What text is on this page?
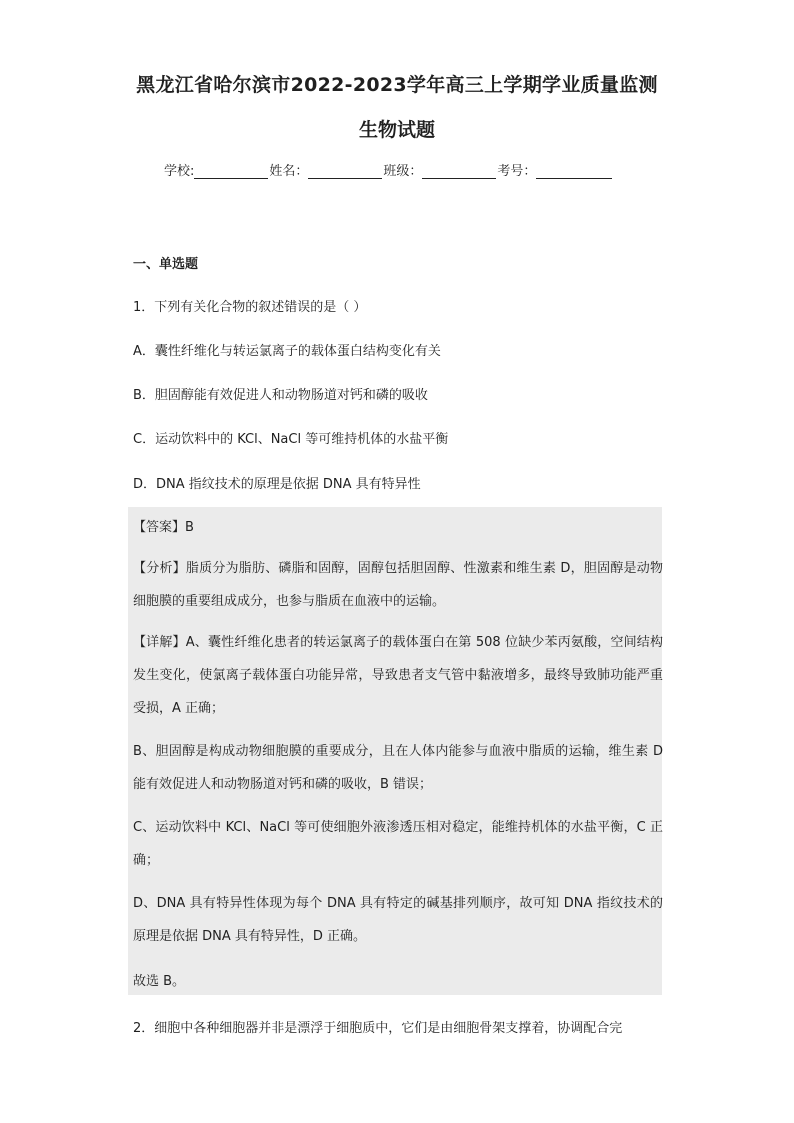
黑龙江省哈尔滨市2022-2023学年高三上学期学业质量监测
生物试题
学校:	姓名：	班级：	考号：
一、单选题
1．下列有关化合物的叙述错误的是（ ）
A．囊性纤维化与转运氯离子的载体蛋白结构变化有关
B．胆固醇能有效促进人和动物肠道对钙和磷的吸收
C．运动饮料中的 KCl、NaCl 等可维持机体的水盐平衡
D．DNA 指纹技术的原理是依据 DNA 具有特异性
【答案】B
【分析】脂质分为脂肪、磷脂和固醇，固醇包括胆固醇、性激素和维生素 D，胆固醇是动物细胞膜的重要组成成分，也参与脂质在血液中的运输。
【详解】A、囊性纤维化患者的转运氯离子的载体蛋白在第 508 位缺少苯丙氨酸，空间结构发生变化，使氯离子载体蛋白功能异常，导致患者支气管中黏液增多，最终导致肺功能严重受损，A 正确；
B、胆固醇是构成动物细胞膜的重要成分，且在人体内能参与血液中脂质的运输，维生素 D 能有效促进人和动物肠道对钙和磷的吸收，B 错误；
C、运动饮料中 KCl、NaCl 等可使细胞外液渗透压相对稳定，能维持机体的水盐平衡，C 正确；
D、DNA 具有特异性体现为每个 DNA 具有特定的碱基排列顺序，故可知 DNA 指纹技术的原理是依据 DNA 具有特异性，D 正确。
故选 B。
2．细胞中各种细胞器并非是漂浮于细胞质中，它们是由细胞骨架支撑着，协调配合完
